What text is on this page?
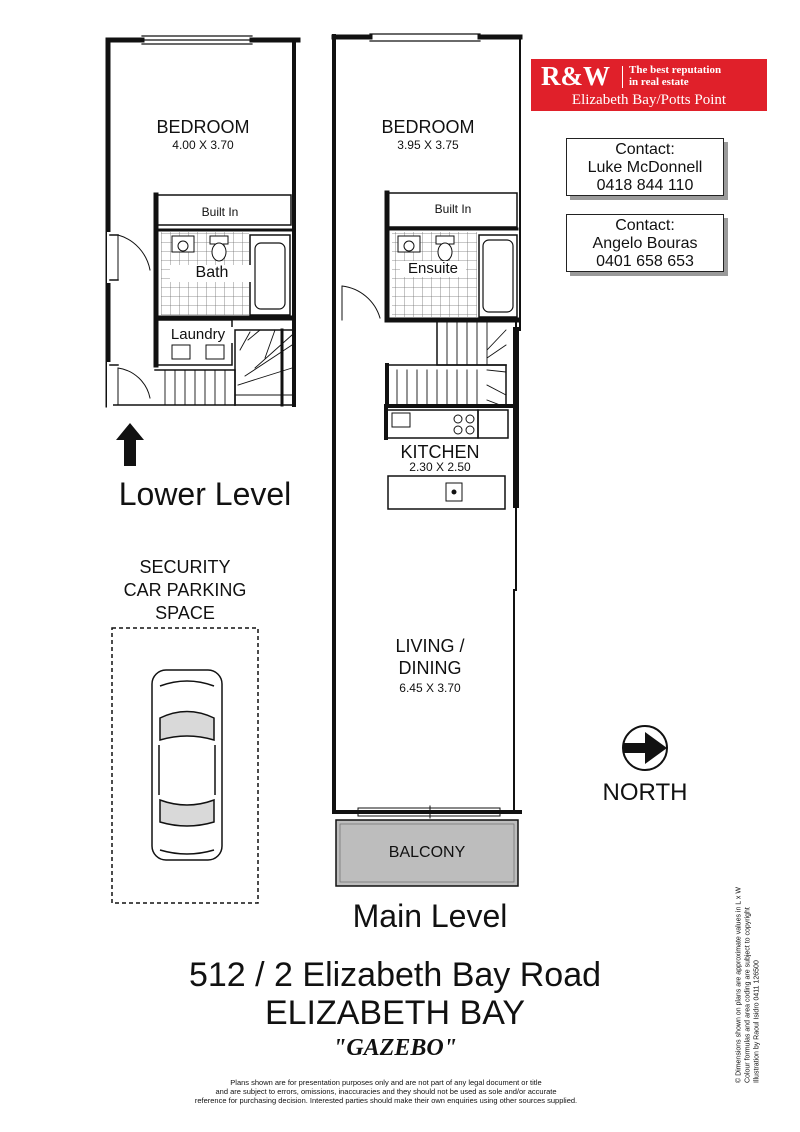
R&W The best reputation
in real estate
Elizabeth Bay/Potts Point
Contact:
Luke McDonnell
0418 844 110
Contact:
Angelo Bouras
0401 658 653
BEDROOM
4.00 X 3.70
Built In
Bath
Laundry
Lower Level
BEDROOM
3.95 X 3.75
Built In
Ensuite
KITCHEN
2.30 X 2.50
LIVING /
DINING
6.45 X 3.70
BALCONY
Main Level
SECURITY
CAR PARKING
SPACE
NORTH
512 / 2 Elizabeth Bay Road
ELIZABETH BAY
"GAZEBO"
Plans shown are for presentation purposes only and are not part of any legal document or title
and are subject to errors, omissions, inaccuracies and they should not be used as sole and/or accurate
reference for purchasing decision. Interested parties should make their own enquiries using other sources supplied.
© Dimensions shown on plans are approximate values in L x W Colour formulas and area coding are subject to copyright Illustration by Raoul Isidro 0411 126500
